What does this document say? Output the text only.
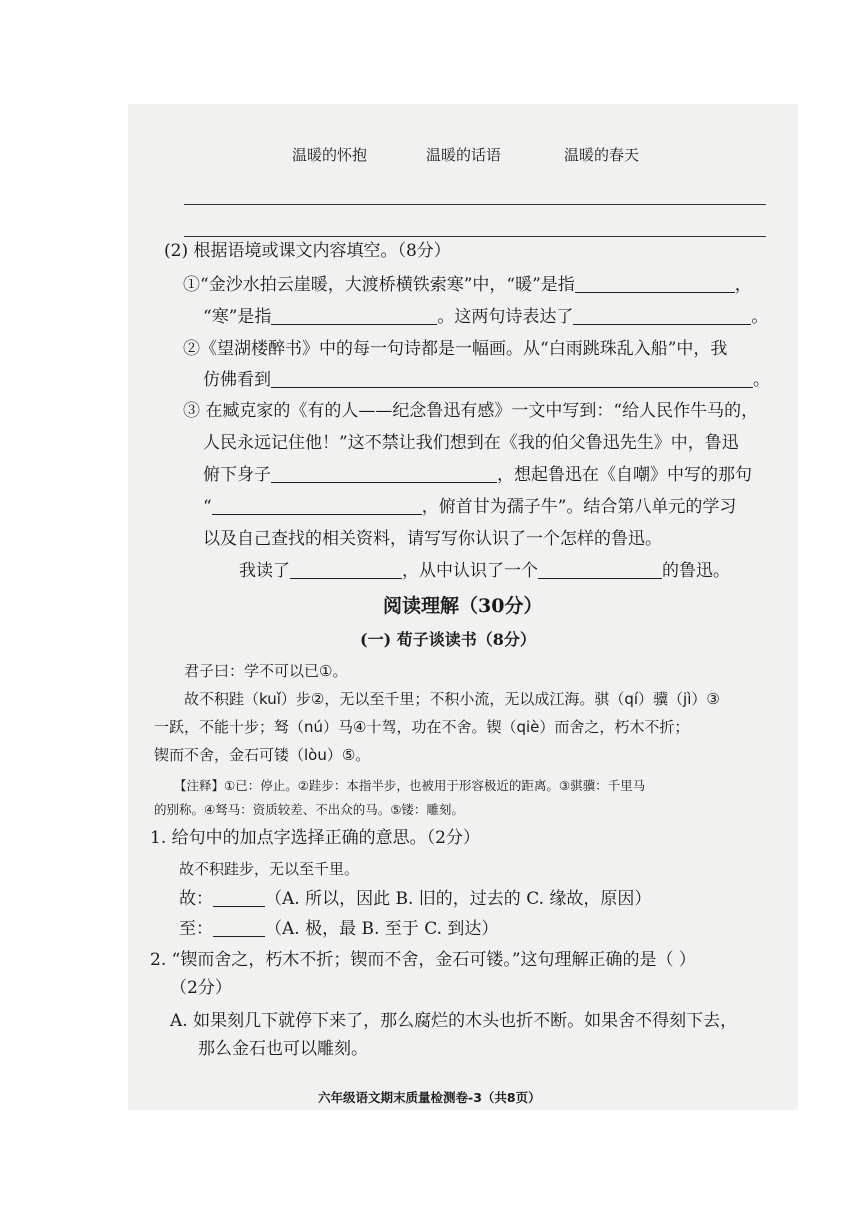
温暖的怀抱	温暖的话语	温暖的春天
(2) 根据语境或课文内容填空。（8分）
①“金沙水拍云崖暖，大渡桥横铁索寒”中，“暖”是指	，
“寒”是指	。这两句诗表达了	。
②《望湖楼醉书》中的每一句诗都是一幅画。从“白雨跳珠乱入船”中，我
仿佛看到	。
③ 在臧克家的《有的人——纪念鲁迅有感》一文中写到：“给人民作牛马的，
人民永远记住他！”这不禁让我们想到在《我的伯父鲁迅先生》中，鲁迅
俯下身子	，想起鲁迅在《自嘲》中写的那句
“	，俯首甘为孺子牛”。结合第八单元的学习
以及自己查找的相关资料，请写写你认识了一个怎样的鲁迅。
我读了	，从中认识了一个	的鲁迅。
阅读理解（30分）
(一) 荀子谈读书（8分）
君子曰：学不可以已①。
故不积跬（kuǐ）步②，无以至千里；不积小流，无以成江海。骐（qí）骥（jì）③
一跃，不能十步；驽（nú）马④十驾，功在不舍。锲（qiè）而舍之，朽木不折；
锲而不舍，金石可镂（lòu）⑤。
【注释】①已：停止。②跬步：本指半步，也被用于形容极近的距离。③骐骥：千里马
的别称。④驽马：资质较差、不出众的马。⑤镂：雕刻。
1. 给句中的加点字选择正确的意思。（2分）
故不积跬步，无以至千里。
故：	（A. 所以，因此 B. 旧的，过去的 C. 缘故，原因）
至：	（A. 极，最 B. 至于 C. 到达）
2. “锲而舍之，朽木不折；锲而不舍，金石可镂。”这句理解正确的是（ ）
（2分）
A. 如果刻几下就停下来了，那么腐烂的木头也折不断。如果舍不得刻下去，
那么金石也可以雕刻。
六年级语文期末质量检测卷-3（共8页）
